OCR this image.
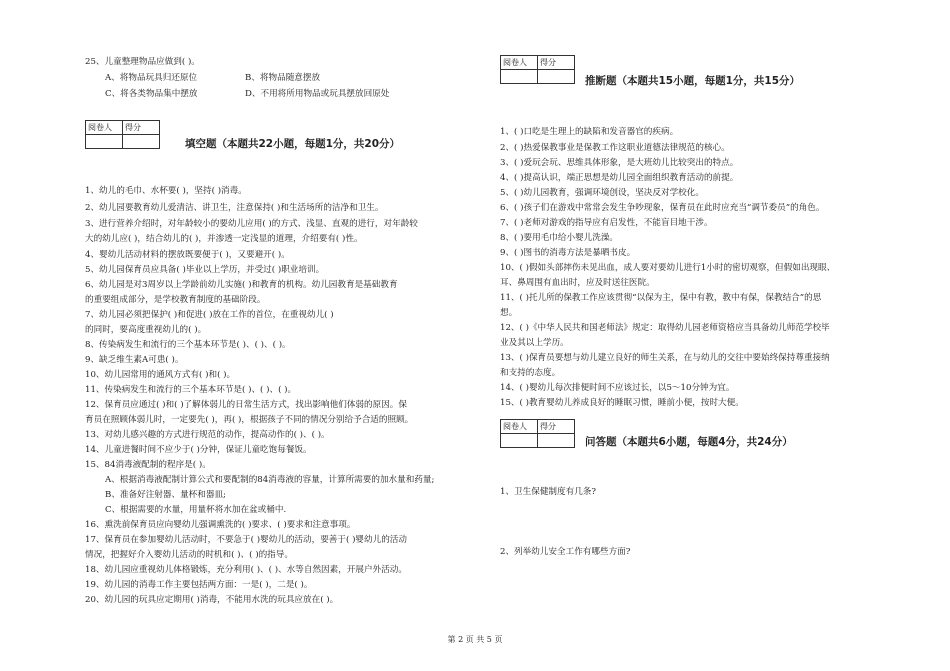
25、儿童整理物品应做到( )。
A、将物品玩具归还原位	B、将物品随意摆放
C、将各类物品集中摆放	D、不用将所用物品或玩具摆放回原处
阅卷人	得分

填空题（本题共22小题，每题1分，共20分）
1、幼儿的毛巾、水杯要( )，坚持( )消毒。
2、幼儿园要教育幼儿爱清洁、讲卫生，注意保持( )和生活场所的洁净和卫生。
3、进行营养介绍时，对年龄较小的要幼儿应用( )的方式、浅显、直观的进行，对年龄较
大的幼儿应( )，结合幼儿的( )，并渗透一定浅显的道理，介绍要有( )性。
4、婴幼儿活动材料的摆放既要便于( )，又要避开( )。
5、幼儿园保育员应具备( )毕业以上学历，并受过( )职业培训。
6、幼儿园是对3周岁以上学龄前幼儿实施( )和教育的机构。幼儿园教育是基础教育
的重要组成部分，是学校教育制度的基础阶段。
7、幼儿园必须把保护( )和促进( )放在工作的首位，在重视幼儿( )
的同时，要高度重视幼儿的( )。
8、传染病发生和流行的三个基本环节是( )、( )、( )。
9、缺乏维生素A可患( )。
10、幼儿园常用的通风方式有( )和( )。
11、传染病发生和流行的三个基本环节是( )、( )、( )。
12、保育员应通过( )和( )了解体弱儿的日常生活方式，找出影响他们体弱的原因。保
育员在照顾体弱儿时，一定要先( )，再( )，根据孩子不同的情况分别给予合适的照顾。
13、对幼儿感兴趣的方式进行规范的动作，提高动作的( )、( )。
14、儿童进餐时间不应少于( )分钟，保证儿童吃饱每餐饭。
15、84消毒液配制的程序是( )。
A、根据消毒液配制计算公式和要配制的84消毒液的容量，计算所需要的加水量和药量;
B、准备好注射器、量杯和器皿;
C、根据需要的水量，用量杯将水加在盆或桶中.
16、熏洗前保育员应向婴幼儿强调熏洗的( )要求、( )要求和注意事项。
17、保育员在参加婴幼儿活动时，不要急于( )婴幼儿的活动，要善于( )婴幼儿的活动
情况，把握好介入婴幼儿活动的时机和( )、( )的指导。
18、幼儿园应重视幼儿体格锻炼，充分利用( )、( )、水等自然因素，开展户外活动。
19、幼儿园的消毒工作主要包括两方面：一是( )，二是( )。
20、幼儿园的玩具应定期用( )消毒，不能用水洗的玩具应放在( )。
阅卷人	得分

推断题（本题共15小题，每题1分，共15分）
1、( )口吃是生理上的缺陷和发音器官的疾病。
2、( )热爱保教事业是保教工作这职业道德法律规范的核心。
3、( )爱玩会玩、思维具体形象，是大班幼儿比较突出的特点。
4、( )提高认识，端正思想是幼儿园全面组织教育活动的前提。
5、( )幼儿园教育，强调环境创设，坚决反对学校化。
6、( )孩子们在游戏中常常会发生争吵现象，保育员在此时应充当“调节委员”的角色。
7、( )老师对游戏的指导应有启发性，不能盲目地干涉。
8、( )要用毛巾给小婴儿洗澡。
9、( )图书的消毒方法是暴晒书皮。
10、( )假如头部摔伤未见出血，成人要对要幼儿进行1小时的密切观察，但假如出现眼、
耳、鼻周围有血出时，应及时送往医院。
11、( )托儿所的保教工作应该贯彻“以保为主，保中有教，教中有保，保教结合”的思
想。
12、( )《中华人民共和国老师法》规定：取得幼儿园老师资格应当具备幼儿师范学校毕
业及其以上学历。
13、( )保育员要想与幼儿建立良好的师生关系，在与幼儿的交往中要始终保持尊重接纳
和支持的态度。
14、( )婴幼儿每次排便时间不应该过长，以5～10分钟为宜。
15、( )教育婴幼儿养成良好的睡眠习惯，睡前小便，按时大便。
阅卷人	得分

问答题（本题共6小题，每题4分，共24分）
1、卫生保健制度有几条?
2、列举幼儿安全工作有哪些方面?
第 2 页 共 5 页
